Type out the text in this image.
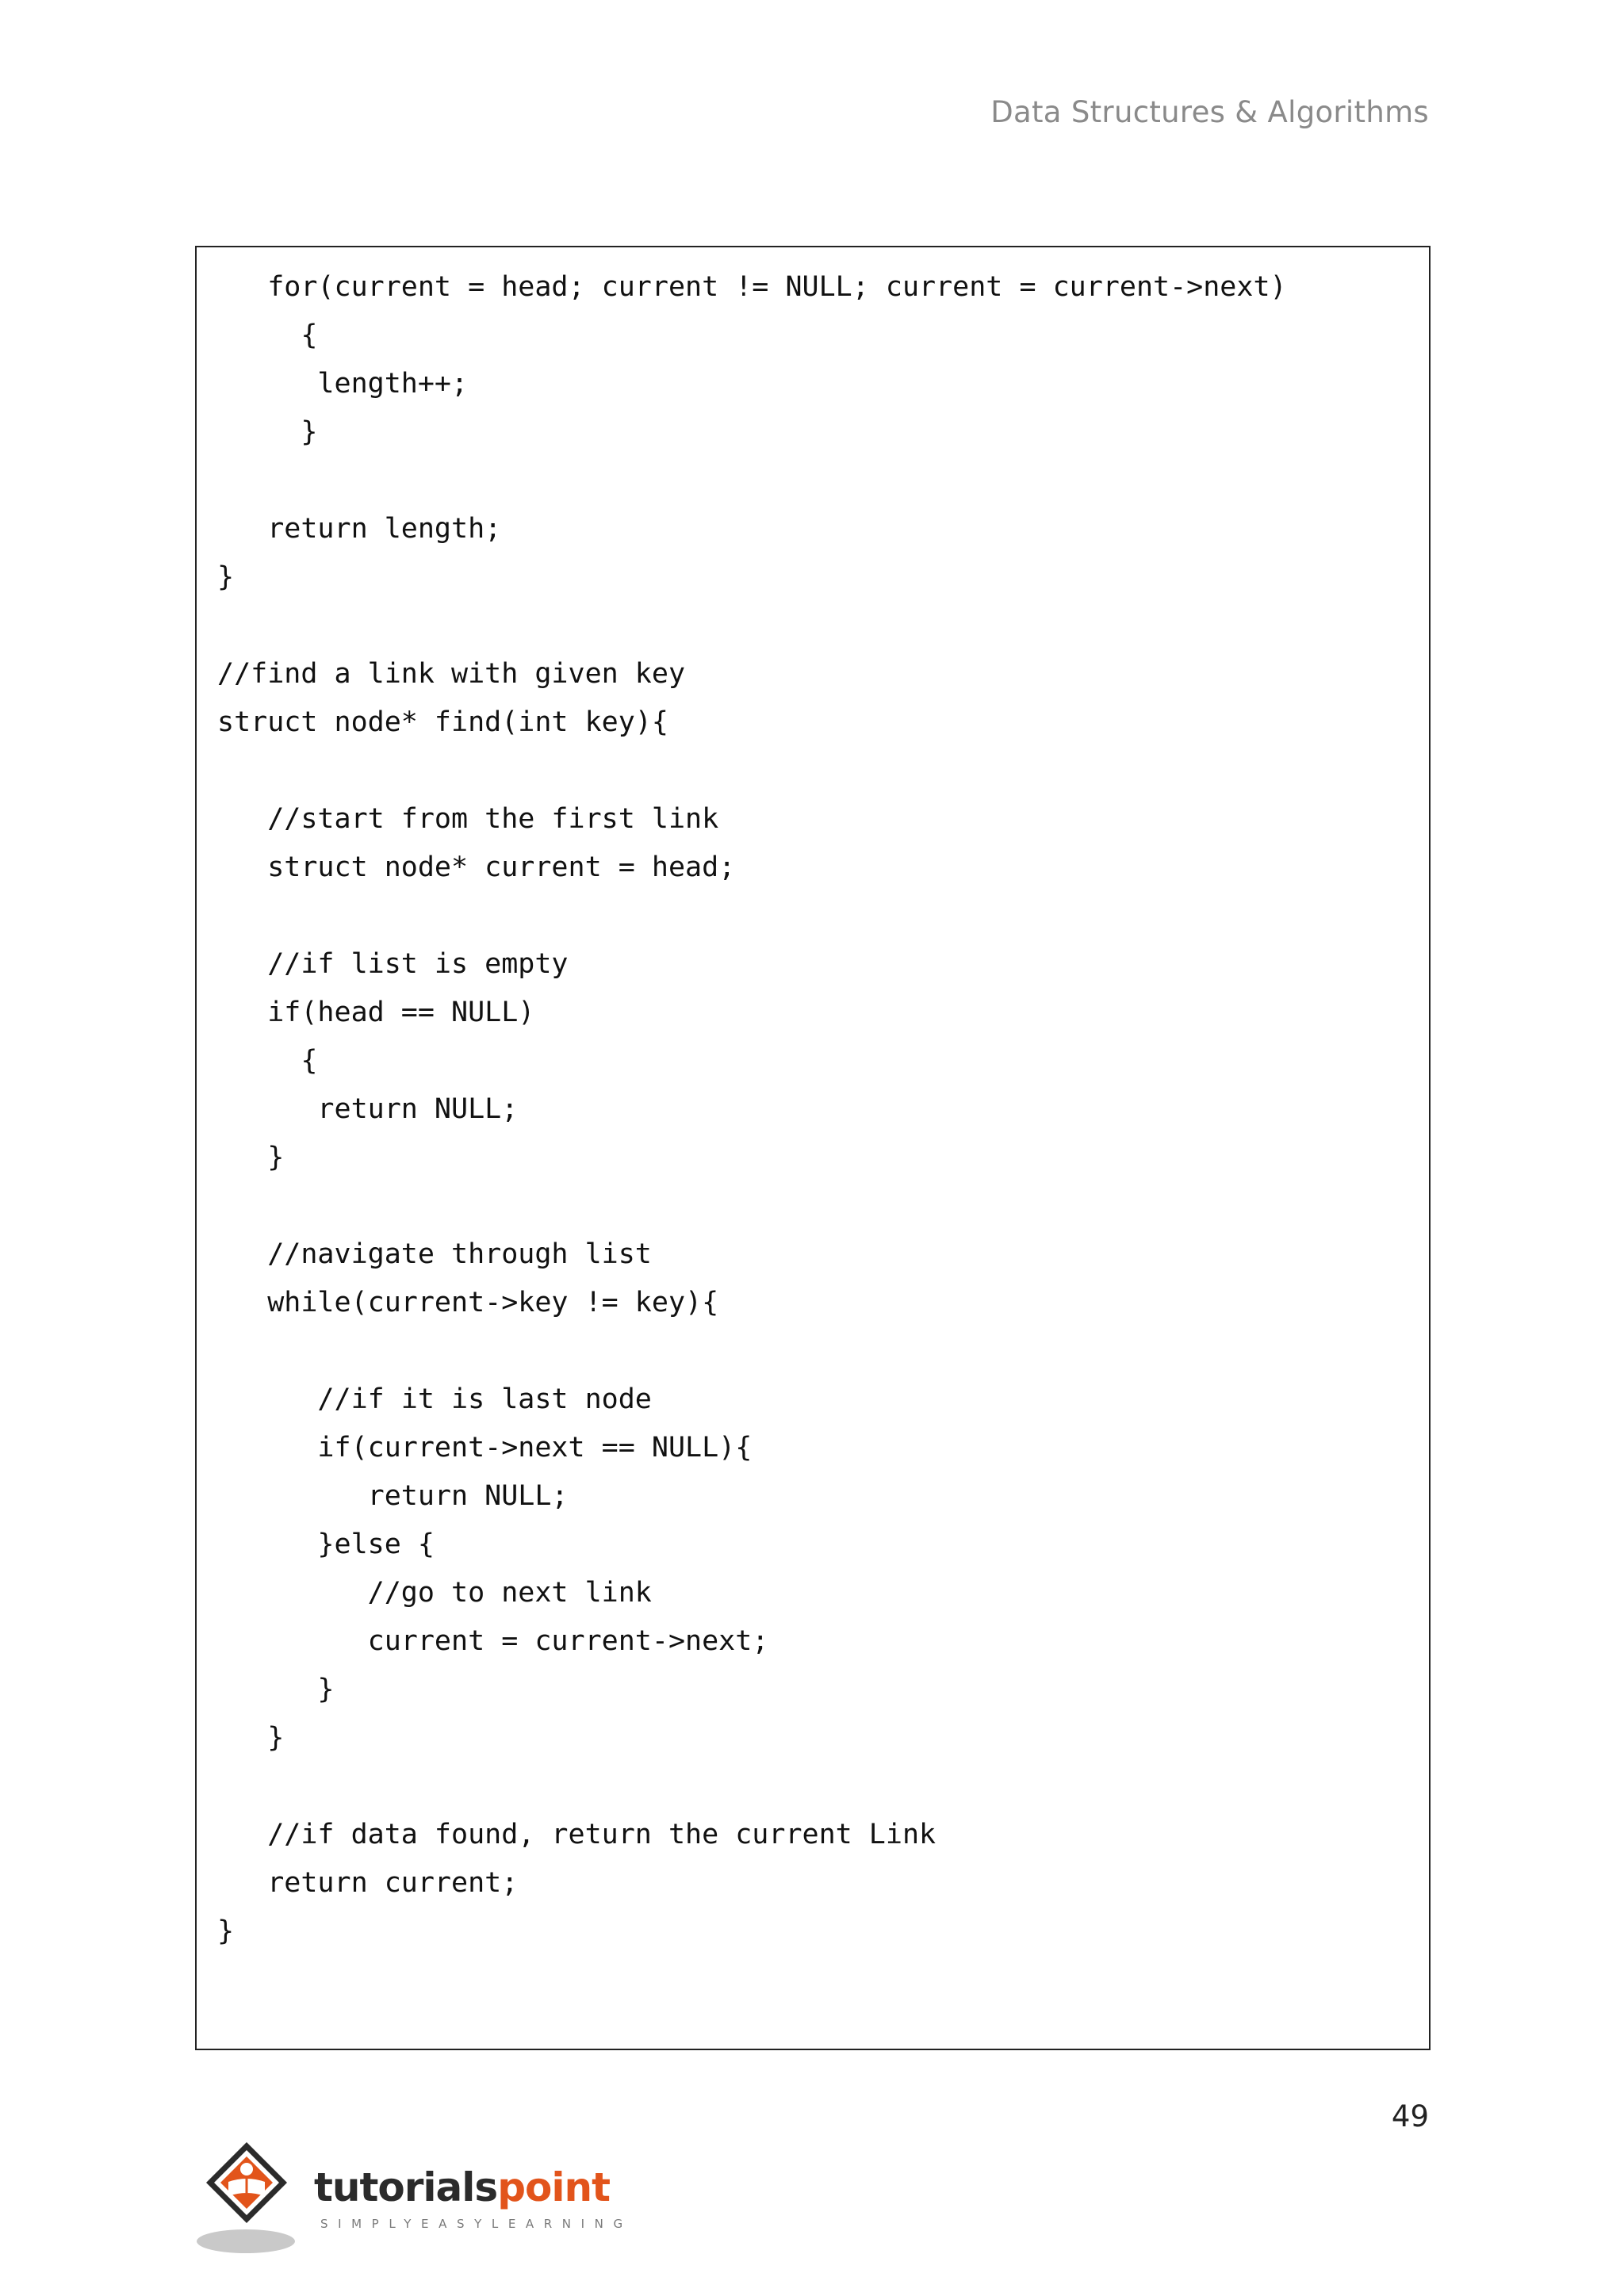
Data Structures & Algorithms
for(current = head; current != NULL; current = current->next)
{
length++;
}
return length;
}
//find a link with given key
struct node* find(int key){
//start from the first link
struct node* current = head;
//if list is empty
if(head == NULL)
{
return NULL;
}
//navigate through list
while(current->key != key){
//if it is last node
if(current->next == NULL){
return NULL;
}else {
//go to next link
current = current->next;
}
}
//if data found, return the current Link
return current;
}
49
tutorialspoint
SIMPLYEASYLEARNING
